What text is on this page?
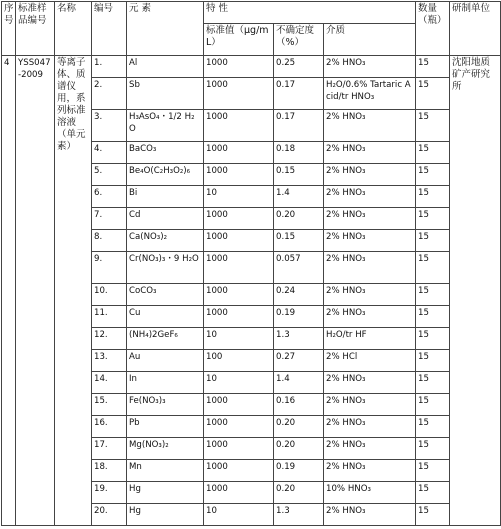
序号	标准样品编号	名称	编号	元 素	特 性			数量（瓶）	研制单位
					标准值（μg/mL）	不确定度（%）	介质		
4	YSS047-2009	等离子体、质谱仪用，系列标准溶液（单元素）	1.	Al	1000	0.25	2% HNO₃	15	沈阳地质矿产研究所
			2.	Sb	1000	0.17	H₂O/0.6% Tartaric Acid/tr HNO₃	15	
			3.	H₃AsO₄・1/2 H₂O	1000	0.17	2% HNO₃	15	
			4.	BaCO₃	1000	0.18	2% HNO₃	15	
			5.	Be₄O(C₂H₃O₂)₆	1000	0.15	2% HNO₃	15	
			6.	Bi	10	1.4	2% HNO₃	15	
			7.	Cd	1000	0.20	2% HNO₃	15	
			8.	Ca(NO₃)₂	1000	0.15	2% HNO₃	15	
			9.	Cr(NO₃)₃・9 H₂O	1000	0.057	2% HNO₃	15	
			10.	CoCO₃	1000	0.24	2% HNO₃	15	
			11.	Cu	1000	0.19	2% HNO₃	15	
			12.	(NH₄)2GeF₆	10	1.3	H₂O/tr HF	15	
			13.	Au	100	0.27	2% HCl	15	
			14.	In	10	1.4	2% HNO₃	15	
			15.	Fe(NO₃)₃	1000	0.16	2% HNO₃	15	
			16.	Pb	1000	0.20	2% HNO₃	15	
			17.	Mg(NO₃)₂	1000	0.20	2% HNO₃	15	
			18.	Mn	1000	0.19	2% HNO₃	15	
			19.	Hg	1000	0.20	10% HNO₃	15	
			20.	Hg	10	1.3	2% HNO₃	15	
